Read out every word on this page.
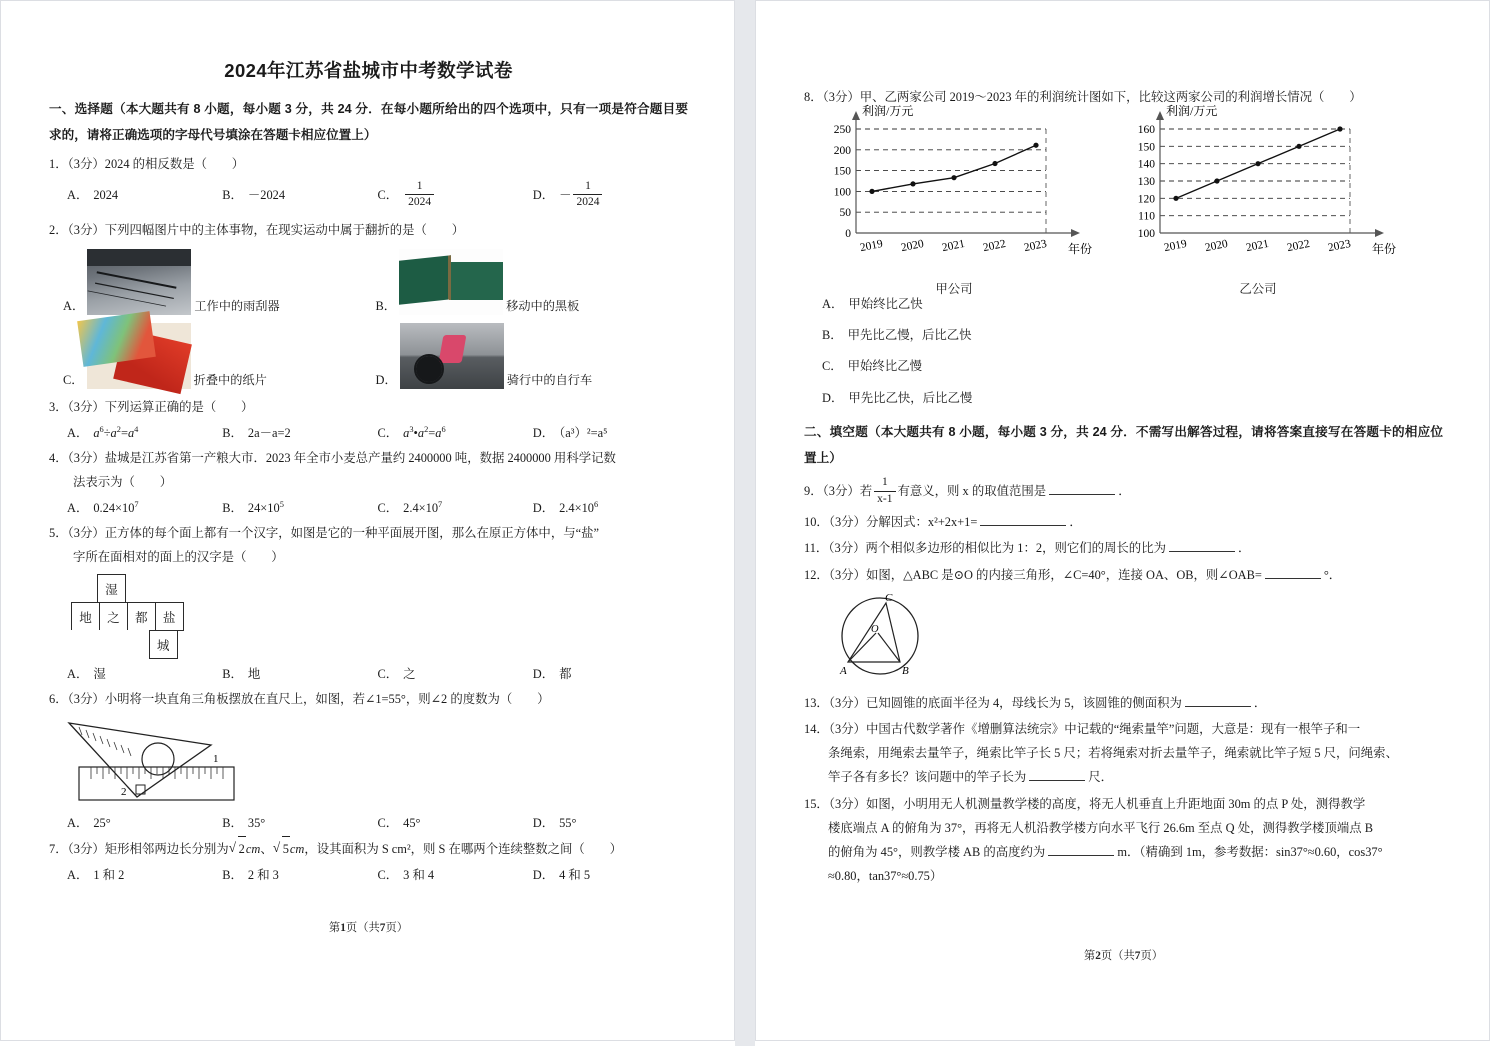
2024年江苏省盐城市中考数学试卷
一、选择题（本大题共有 8 小题，每小题 3 分，共 24 分．在每小题所给出的四个选项中，只有一项是符合题目要求的，请将正确选项的字母代号填涂在答题卡相应位置上）
1．（3分）2024 的相反数是（　　）
A． 2024	B． －2024	C． $\frac{1}{2024}$	D． － $\frac{1}{2024}$
2．（3分）下列四幅图片中的主体事物，在现实运动中属于翻折的是（　　）
A．	工作中的雨刮器	B．	移动中的黑板
C．	折叠中的纸片	D．	骑行中的自行车
3．（3分）下列运算正确的是（　　）
A． $a^6\div a^2=a^4$	B． 2a－a=2	C． $a^3•a^2=a^6$	D． （a³）²=a⁵
4．（3分）盐城是江苏省第一产粮大市．2023 年全市小麦总产量约 2400000 吨，数据 2400000 用科学记数
法表示为（　　）
A． $0.24\times 10^7$	B． $24\times 10^5$	C． $2.4\times 10^7$	D． $2.4\times 10^6$
5．（3分）正方体的每个面上都有一个汉字，如图是它的一种平面展开图，那么在原正方体中，与“盐”
字所在面相对的面上的汉字是（　　）
湿
地	之	都	盐
城
A． 湿	B． 地	C． 之	D． 都
6．（3分）小明将一块直角三角板摆放在直尺上，如图，若∠1=55°，则∠2 的度数为（　　）
1
2
A． 25°	B． 35°	C． 45°	D． 55°
7．（3分）矩形相邻两边长分别为 √ 2cm、 √ 5cm，设其面积为 S cm²，则 S 在哪两个连续整数之间（　　）
A． 1 和 2	B． 2 和 3	C． 3 和 4	D． 4 和 5
第1页（共7页）
8．（3分）甲、乙两家公司 2019～2023 年的利润统计图如下，比较这两家公司的利润增长情况（　　）
0
50
100
150
200
250
2019 2020 2021 2022 2023
利润/万元
年份
甲公司
100
110
120
130
140
150
160
2019 2020 2021 2022 2023
利润/万元
年份
乙公司
A． 甲始终比乙快
B． 甲先比乙慢，后比乙快
C． 甲始终比乙慢
D． 甲先比乙快，后比乙慢
二、填空题（本大题共有 8 小题，每小题 3 分，共 24 分．不需写出解答过程，请将答案直接写在答题卡的相应位置上）
9．（3分）若 $\frac{1}{x-1}$ 有意义，则 x 的取值范围是	．
10．（3分）分解因式：x²+2x+1=	．
11．（3分）两个相似多边形的相似比为 1：2，则它们的周长的比为	．
12．（3分）如图，△ABC 是⊙O 的内接三角形，∠C=40°，连接 OA、OB，则∠OAB=	°．
C
A	B
O
13．（3分）已知圆锥的底面半径为 4，母线长为 5，该圆锥的侧面积为	．
14．（3分）中国古代数学著作《增删算法统宗》中记载的“绳索量竿”问题，大意是：现有一根竿子和一
条绳索，用绳索去量竿子，绳索比竿子长 5 尺；若将绳索对折去量竿子，绳索就比竿子短 5 尺，问绳索、
竿子各有多长？该问题中的竿子长为	尺．
15．（3分）如图，小明用无人机测量教学楼的高度，将无人机垂直上升距地面 30m 的点 P 处，测得教学
楼底端点 A 的俯角为 37°，再将无人机沿教学楼方向水平飞行 26.6m 至点 Q 处，测得教学楼顶端点 B
的俯角为 45°，则教学楼 AB 的高度约为	m．（精确到 1m，参考数据：sin37°≈0.60，cos37°
≈0.80，tan37°≈0.75）
第2页（共7页）
